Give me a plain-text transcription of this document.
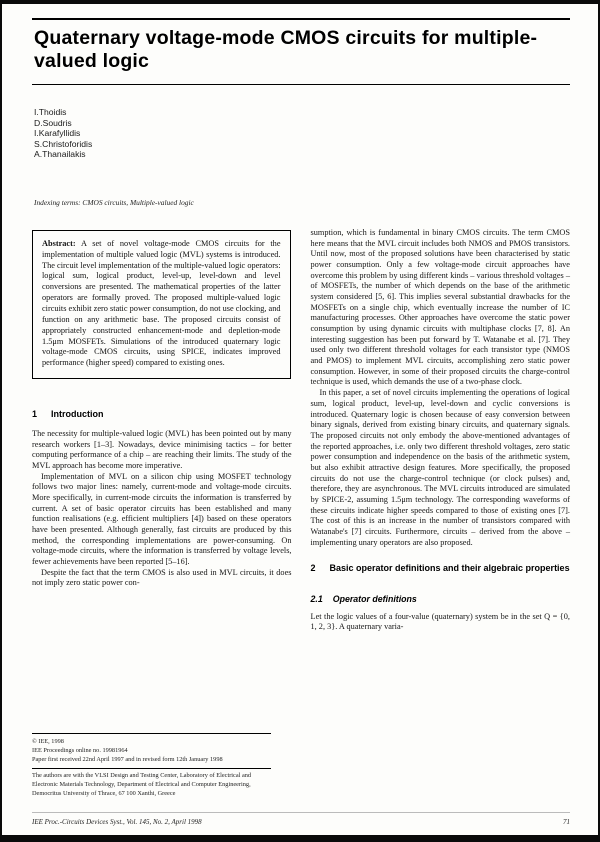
Quaternary voltage-mode CMOS circuits for multiple-valued logic
I.Thoidis
D.Soudris
I.Karafyllidis
S.Christoforidis
A.Thanailakis
Indexing terms: CMOS circuits, Multiple-valued logic

Abstract: A set of novel voltage-mode CMOS circuits for the implementation of multiple valued logic (MVL) systems is introduced. The circuit level implementation of the multiple-valued logic operators: logical sum, logical product, level-up, level-down and level conversions are presented. The mathematical properties of the latter operators are formally proved. The proposed multiple-valued logic circuits exhibit zero static power consumption, do not use clocking, and function on any arithmetic base. The proposed circuits consist of appropriately constructed enhancement-mode and depletion-mode 1.5μm MOSFETs. Simulations of the introduced quaternary logic voltage-mode CMOS circuits, using SPICE, indicates improved performance (higher speed) compared to existing ones.

1 Introduction

The necessity for multiple-valued logic (MVL) has been pointed out by many research workers [1–3]. Nowadays, device minimising tactics – for better computing performance of a chip – are reaching their limits. The study of the MVL approach has become more imperative.

Implementation of MVL on a silicon chip using MOSFET technology follows two major lines: namely, current-mode and voltage-mode circuits. More specifically, in current-mode circuits the information is transferred by current. A set of basic operator circuits has been established and many function realisations (e.g. efficient multipliers [4]) based on these operators have been presented. Although generally, fast circuits are produced by this method, the corresponding implementations are power-consuming. On voltage-mode circuits, where the information is transferred by voltage levels, fewer achievements have been reported [5–16].

Despite the fact that the term CMOS is also used in MVL circuits, it does not imply zero static power con-

© IEE, 1998

IEE Proceedings online no. 19981964

Paper first received 22nd April 1997 and in revised form 12th January 1998

The authors are with the VLSI Design and Testing Center, Laboratory of Electrical and Electronic Materials Technology, Department of Electrical and Computer Engineering, Democritus University of Thrace, 67 100 Xanthi, Greece

sumption, which is fundamental in binary CMOS circuits. The term CMOS here means that the MVL circuit includes both NMOS and PMOS transistors. Until now, most of the proposed solutions have been characterised by static power consumption. Only a few voltage-mode circuit approaches have overcome this problem by using different kinds – various threshold voltages – of MOSFETs, the number of which depends on the base of the arithmetic system considered [5, 6]. This implies several substantial drawbacks for the MOSFETs on a single chip, which eventually increase the number of IC manufacturing processes. Other approaches have overcome the static power consumption by using dynamic circuits with multiphase clocks [7, 8]. An interesting suggestion has been put forward by T. Watanabe et al. [7]. They used only two different threshold voltages for each transistor type (NMOS and PMOS) to implement MVL circuits, accomplishing zero static power consumption. However, in some of their proposed circuits the charge-control technique is used, which demands the use of a two-phase clock.

In this paper, a set of novel circuits implementing the operations of logical sum, logical product, level-up, level-down and cyclic conversions is introduced. Quaternary logic is chosen because of easy conversion between binary signals, derived from existing binary circuits, and quaternary signals. The proposed circuits not only embody the above-mentioned advantages of the reported approaches, i.e. only two different threshold voltages, zero static power consumption and independence on the basis of the arithmetic system, but also exhibit attractive design features. More specifically, the proposed circuits do not use the charge-control technique (or clock pulses) and, therefore, they are asynchronous. The MVL circuits introduced are simulated by SPICE-2, assuming 1.5μm technology. The corresponding waveforms of these circuits indicate higher speeds compared to those of existing ones [7]. The cost of this is an increase in the number of transistors compared with Watanabe's [7] circuits. Furthermore, circuits – derived from the above – implementing unary operators are also proposed.

2 Basic operator definitions and their algebraic properties
2.1 Operator definitions

Let the logic values of a four-value (quaternary) system be in the set Q = {0, 1, 2, 3}. A quaternary varia-

IEE Proc.-Circuits Devices Syst., Vol. 145, No. 2, April 1998	71
